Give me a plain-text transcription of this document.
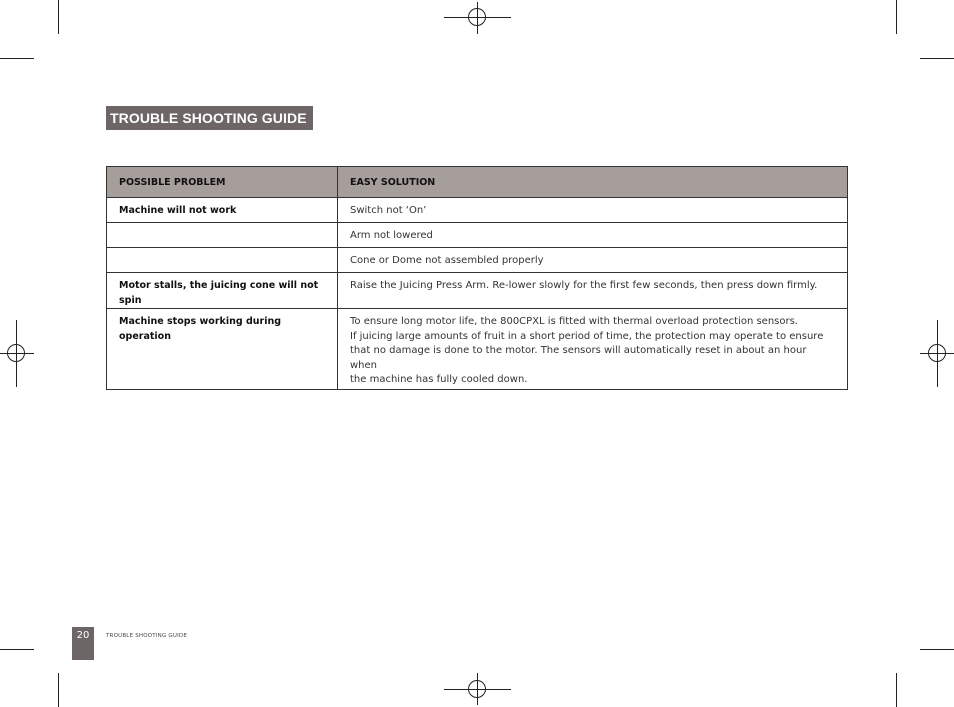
TROUBLE SHOOTING GUIDE
POSSIBLE PROBLEM	EASY SOLUTION
Machine will not work	Switch not ‘On’

	Arm not lowered

	Cone or Dome not assembled properly

Motor stalls, the juicing cone will not spin	Raise the Juicing Press Arm. Re-lower slowly for the first few seconds, then press down firmly.

Machine stops working during operation	To ensure long motor life, the 800CPXL is fitted with thermal overload protection sensors.
If juicing large amounts of fruit in a short period of time, the protection may operate to ensure
that no damage is done to the motor. The sensors will automatically reset in about an hour when
the machine has fully cooled down.
20	TROUBLE SHOOTING GUIDE
